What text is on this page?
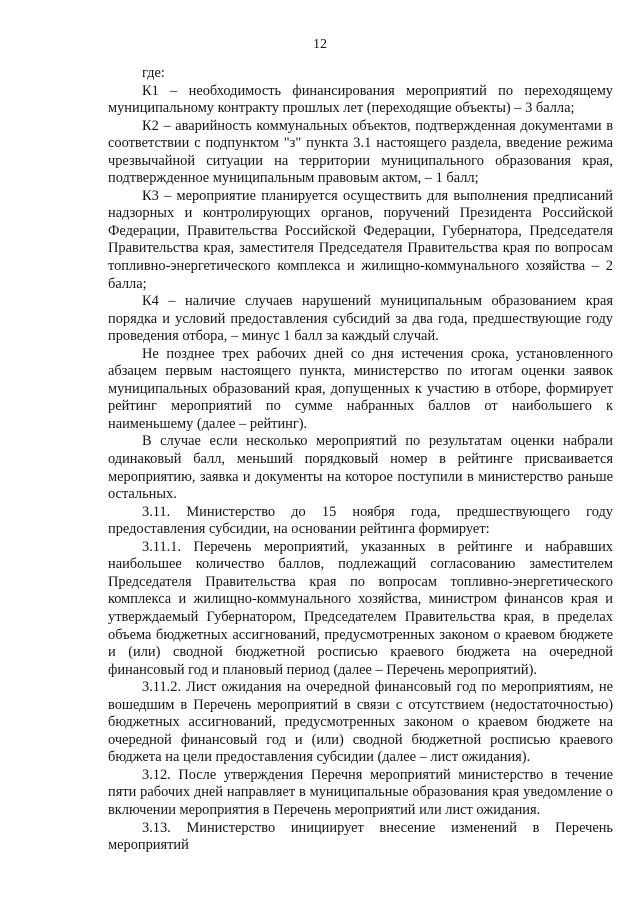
12

где:

К1 – необходимость финансирования мероприятий по переходящему муниципальному контракту прошлых лет (переходящие объекты) – 3 балла;

К2 – аварийность коммунальных объектов, подтвержденная документами в соответствии с подпунктом "з" пункта 3.1 настоящего раздела, введение режима чрезвычайной ситуации на территории муниципального образования края, подтвержденное муниципальным правовым актом, – 1 балл;

К3 – мероприятие планируется осуществить для выполнения предписаний надзорных и контролирующих органов, поручений Президента Российской Федерации, Правительства Российской Федерации, Губернатора, Председателя Правительства края, заместителя Председателя Правительства края по вопросам топливно-энергетического комплекса и жилищно-коммунального хозяйства – 2 балла;

К4 – наличие случаев нарушений муниципальным образованием края порядка и условий предоставления субсидий за два года, предшествующие году проведения отбора, – минус 1 балл за каждый случай.

Не позднее трех рабочих дней со дня истечения срока, установленного абзацем первым настоящего пункта, министерство по итогам оценки заявок муниципальных образований края, допущенных к участию в отборе, формирует рейтинг мероприятий по сумме набранных баллов от наибольшего к наименьшему (далее – рейтинг).

В случае если несколько мероприятий по результатам оценки набрали одинаковый балл, меньший порядковый номер в рейтинге присваивается мероприятию, заявка и документы на которое поступили в министерство раньше остальных.

3.11. Министерство до 15 ноября года, предшествующего году предоставления субсидии, на основании рейтинга формирует:

3.11.1. Перечень мероприятий, указанных в рейтинге и набравших наибольшее количество баллов, подлежащий согласованию заместителем Председателя Правительства края по вопросам топливно-энергетического комплекса и жилищно-коммунального хозяйства, министром финансов края и утверждаемый Губернатором, Председателем Правительства края, в пределах объема бюджетных ассигнований, предусмотренных законом о краевом бюджете и (или) сводной бюджетной росписью краевого бюджета на очередной финансовый год и плановый период (далее – Перечень мероприятий).

3.11.2. Лист ожидания на очередной финансовый год по мероприятиям, не вошедшим в Перечень мероприятий в связи с отсутствием (недостаточностью) бюджетных ассигнований, предусмотренных законом о краевом бюджете на очередной финансовый год и (или) сводной бюджетной росписью краевого бюджета на цели предоставления субсидии (далее – лист ожидания).

3.12. После утверждения Перечня мероприятий министерство в течение пяти рабочих дней направляет в муниципальные образования края уведомление о включении мероприятия в Перечень мероприятий или лист ожидания.

3.13. Министерство инициирует внесение изменений в Перечень мероприятий
